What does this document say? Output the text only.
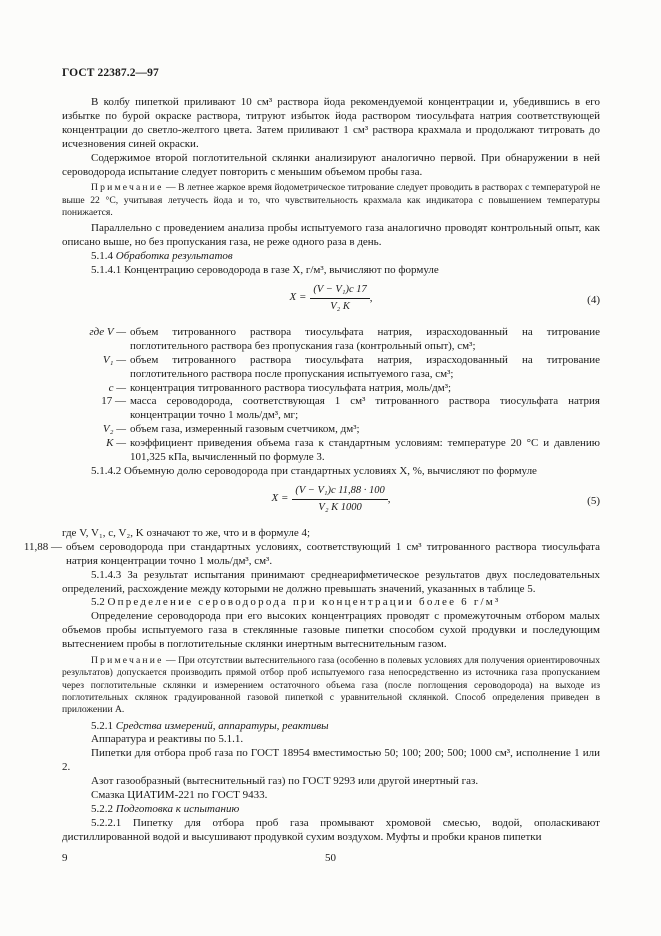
ГОСТ 22387.2—97

В колбу пипеткой приливают 10 см³ раствора йода рекомендуемой концентрации и, убедившись в его избытке по бурой окраске раствора, титруют избыток йода раствором тиосульфата натрия соответствующей концентрации до светло-желтого цвета. Затем приливают 1 см³ раствора крахмала и продолжают титровать до исчезновения синей окраски.

Содержимое второй поглотительной склянки анализируют аналогично первой. При обнаружении в ней сероводорода испытание следует повторить с меньшим объемом пробы газа.

Примечание — В летнее жаркое время йодометрическое титрование следует проводить в растворах с температурой не выше 22 °С, учитывая летучесть йода и то, что чувствительность крахмала как индикатора с повышением температуры понижается.

Параллельно с проведением анализа пробы испытуемого газа аналогично проводят контрольный опыт, как описано выше, но без пропускания газа, не реже одного раза в день.

5.1.4 Обработка результатов

5.1.4.1 Концентрацию сероводорода в газе X, г/м³, вычисляют по формуле

$X = \frac{\text{(V − V₁)c 17}}{\text{V₂ K}}$ ,	(4)
где V — объем титрованного раствора тиосульфата натрия, израсходованный на титрование поглотительного раствора без пропускания газа (контрольный опыт), см³;
V₁ — объем титрованного раствора тиосульфата натрия, израсходованный на титрование поглотительного раствора после пропускания испытуемого газа, см³;
c — концентрация титрованного раствора тиосульфата натрия, моль/дм³;
17 — масса сероводорода, соответствующая 1 см³ титрованного раствора тиосульфата натрия концентрации точно 1 моль/дм³, мг;
V₂ — объем газа, измеренный газовым счетчиком, дм³;
K — коэффициент приведения объема газа к стандартным условиям: температуре 20 °С и давлению 101,325 кПа, вычисленный по формуле 3.

5.1.4.2 Объемную долю сероводорода при стандартных условиях X, %, вычисляют по формуле

$X = \frac{\text{(V − V₁)c 11,88 · 100}}{\text{V₂ K 1000}}$ ,	(5)

где V, V₁, c, V₂, K означают то же, что и в формуле 4;

11,88 — объем сероводорода при стандартных условиях, соответствующий 1 см³ титрованного раствора тиосульфата натрия концентрации точно 1 моль/дм³, см³.

5.1.4.3 За результат испытания принимают среднеарифметическое результатов двух последовательных определений, расхождение между которыми не должно превышать значений, указанных в таблице 5.

5.2 Определение сероводорода при концентрации более 6 г/м³

Определение сероводорода при его высоких концентрациях проводят с промежуточным отбором малых объемов пробы испытуемого газа в стеклянные газовые пипетки способом сухой продувки и последующим вытеснением пробы в поглотительные склянки инертным вытеснительным газом.

Примечание — При отсутствии вытеснительного газа (особенно в полевых условиях для получения ориентировочных результатов) допускается производить прямой отбор проб испытуемого газа непосредственно из источника газа пропусканием через поглотительные склянки и измерением остаточного объема газа (после поглощения сероводорода) на выходе из поглотительных склянок градуированной газовой пипеткой с уравнительной склянкой. Способ определения приведен в приложении А.

5.2.1 Средства измерений, аппаратуры, реактивы

Аппаратура и реактивы по 5.1.1.

Пипетки для отбора проб газа по ГОСТ 18954 вместимостью 50; 100; 200; 500; 1000 см³, исполнение 1 или 2.

Азот газообразный (вытеснительный газ) по ГОСТ 9293 или другой инертный газ.

Смазка ЦИАТИМ-221 по ГОСТ 9433.

5.2.2 Подготовка к испытанию

5.2.2.1 Пипетку для отбора проб газа промывают хромовой смесью, водой, ополаскивают дистиллированной водой и высушивают продувкой сухим воздухом. Муфты и пробки кранов пипетки

9	50
